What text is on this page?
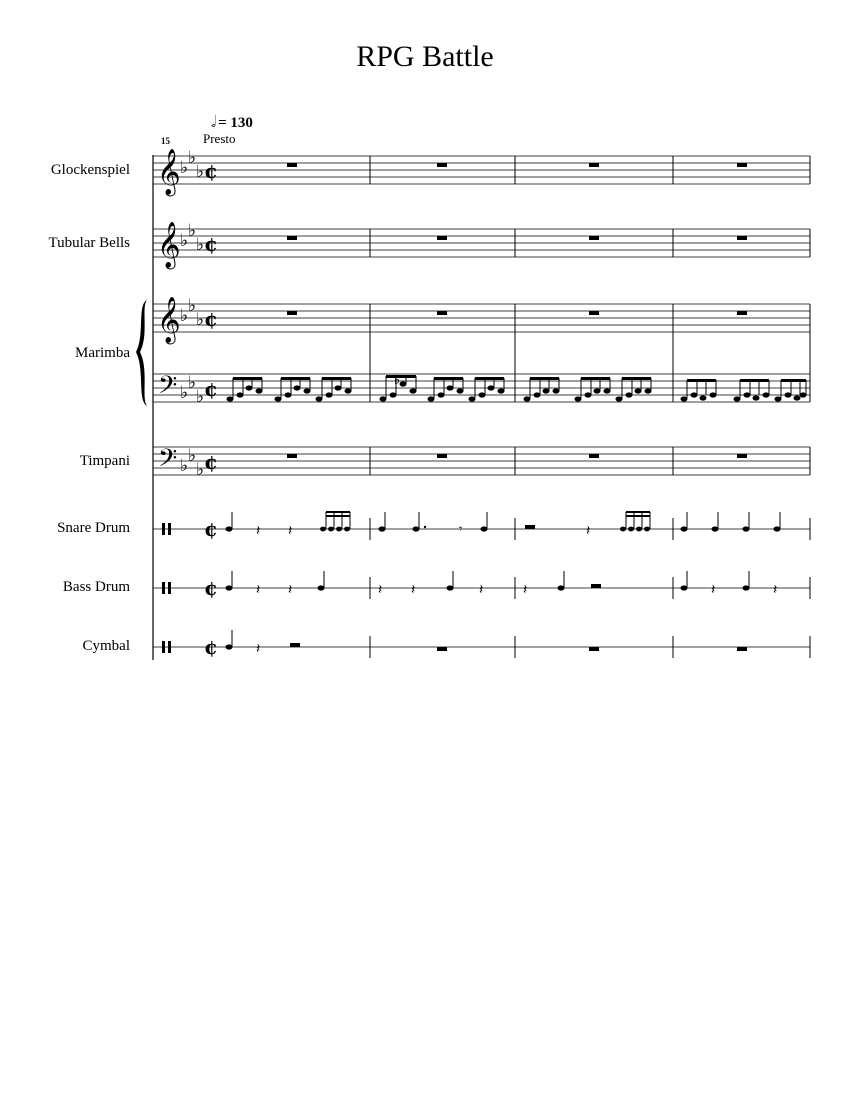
RPG Battle
𝅗𝅥 = 130
Presto
15
Glockenspiel
Tubular Bells
Marimba
Timpani
Snare Drum
Bass Drum
Cymbal
𝄞
𝄞
𝄞
𝄢
𝄢
♭ ♭
♭
♭ ♭
♭
♭ ♭
♭
♭ ♭
♭
♭ ♭
♭
¢
¢
¢
¢
¢
¢
¢
¢
♭
𝄽 𝄽	𝄾	𝄽
𝄽 𝄽	𝄽 𝄽	𝄽	𝄽	𝄽	𝄽
𝄽
